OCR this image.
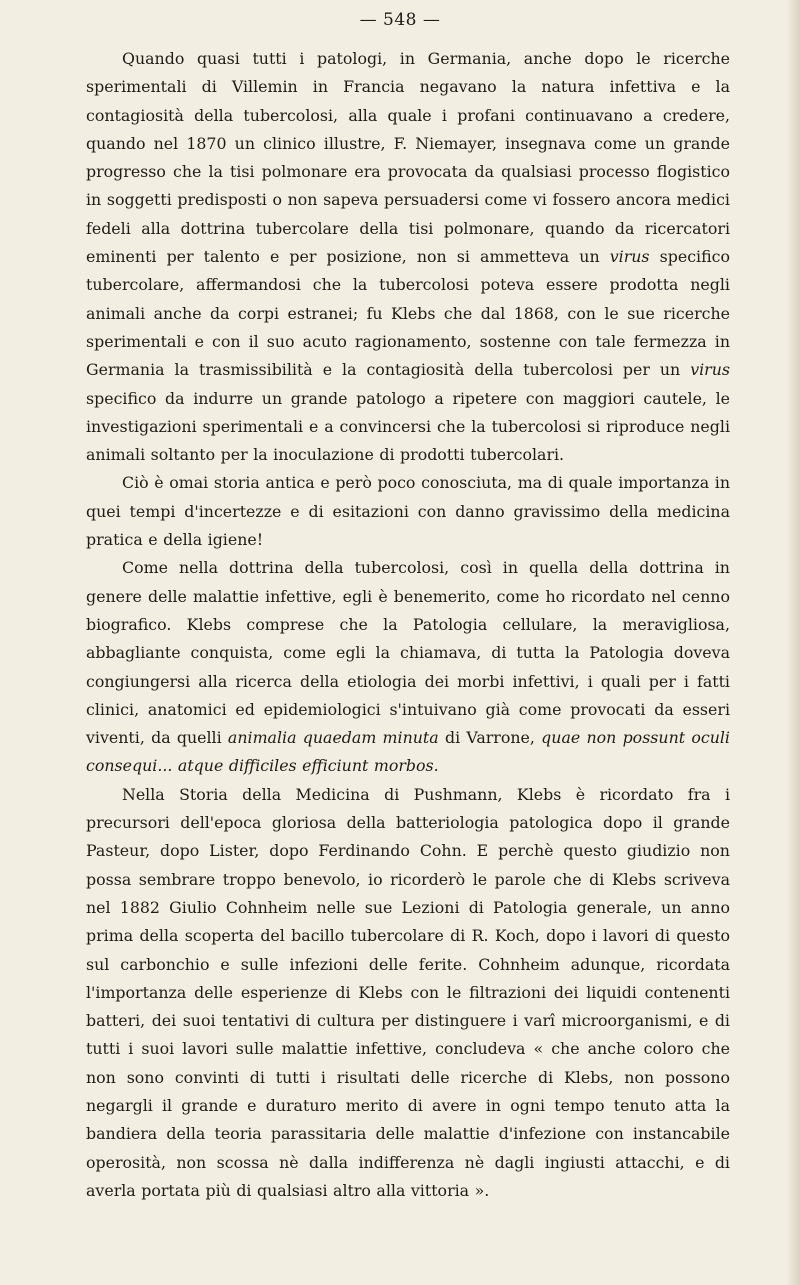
— 548 —

Quando quasi tutti i patologi, in Germania, anche dopo le ricerche sperimentali di Villemin in Francia negavano la natura infettiva e la contagiosità della tubercolosi, alla quale i profani continuavano a credere, quando nel 1870 un clinico illustre, F. Niemayer, insegnava come un grande progresso che la tisi polmonare era provocata da qualsiasi processo flogistico in soggetti predisposti o non sapeva persuadersi come vi fossero ancora medici fedeli alla dottrina tubercolare della tisi polmonare, quando da ricercatori eminenti per talento e per posizione, non si ammetteva un virus specifico tubercolare, affermandosi che la tubercolosi poteva essere prodotta negli animali anche da corpi estranei; fu Klebs che dal 1868, con le sue ricerche sperimentali e con il suo acuto ragionamento, sostenne con tale fermezza in Germania la trasmissibilità e la contagiosità della tubercolosi per un virus specifico da indurre un grande patologo a ripetere con maggiori cautele, le investigazioni sperimentali e a convincersi che la tubercolosi si riproduce negli animali soltanto per la inoculazione di prodotti tubercolari.

Ciò è omai storia antica e però poco conosciuta, ma di quale importanza in quei tempi d'incertezze e di esitazioni con danno gravissimo della medicina pratica e della igiene!

Come nella dottrina della tubercolosi, così in quella della dottrina in genere delle malattie infettive, egli è benemerito, come ho ricordato nel cenno biografico. Klebs comprese che la Patologia cellulare, la meravigliosa, abbagliante conquista, come egli la chiamava, di tutta la Patologia doveva congiungersi alla ricerca della etiologia dei morbi infettivi, i quali per i fatti clinici, anatomici ed epidemiologici s'intuivano già come provocati da esseri viventi, da quelli animalia quaedam minuta di Varrone, quae non possunt oculi consequi... atque difficiles efficiunt morbos.

Nella Storia della Medicina di Pushmann, Klebs è ricordato fra i precursori dell'epoca gloriosa della batteriologia patologica dopo il grande Pasteur, dopo Lister, dopo Ferdinando Cohn. E perchè questo giudizio non possa sembrare troppo benevolo, io ricorderò le parole che di Klebs scriveva nel 1882 Giulio Cohnheim nelle sue Lezioni di Patologia generale, un anno prima della scoperta del bacillo tubercolare di R. Koch, dopo i lavori di questo sul carbonchio e sulle infezioni delle ferite. Cohnheim adunque, ricordata l'importanza delle esperienze di Klebs con le filtrazioni dei liquidi contenenti batteri, dei suoi tentativi di cultura per distinguere i varî microorganismi, e di tutti i suoi lavori sulle malattie infettive, concludeva « che anche coloro che non sono convinti di tutti i risultati delle ricerche di Klebs, non possono negargli il grande e duraturo merito di avere in ogni tempo tenuto atta la bandiera della teoria parassitaria delle malattie d'infezione con instancabile operosità, non scossa nè dalla indifferenza nè dagli ingiusti attacchi, e di averla portata più di qualsiasi altro alla vittoria ».
